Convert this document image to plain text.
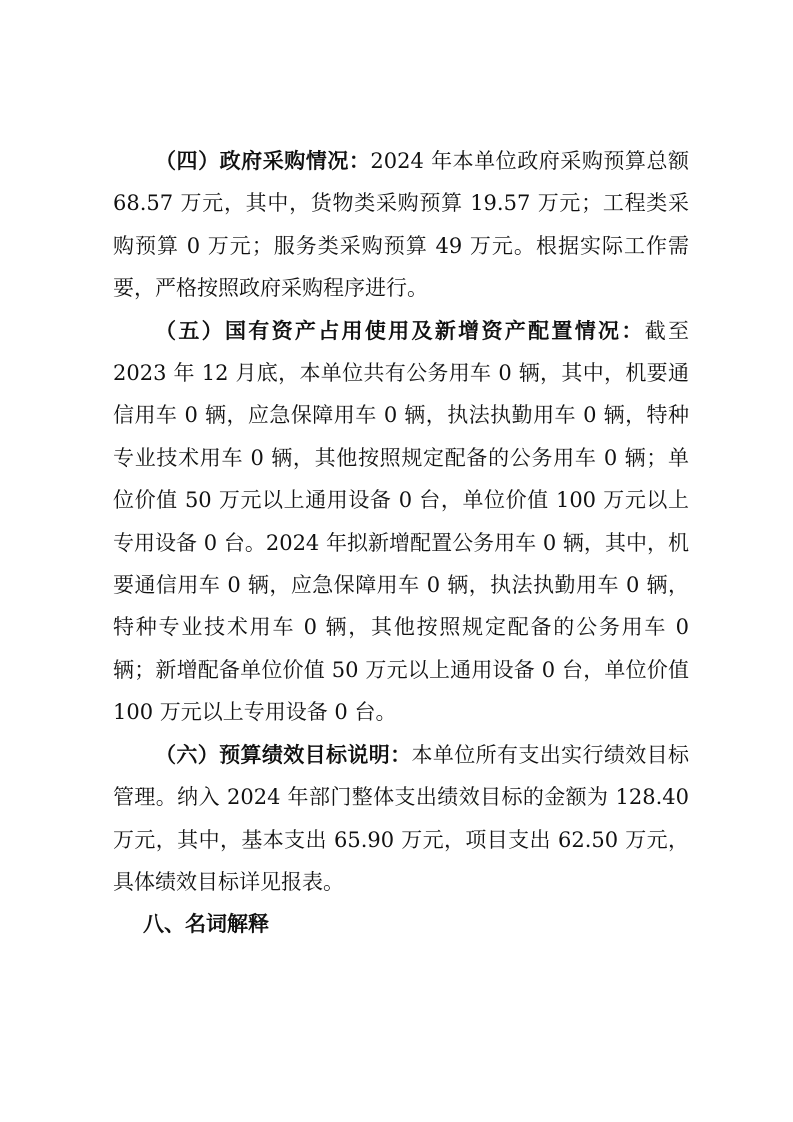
（四）政府采购情况：2024 年本单位政府采购预算总额 68.57 万元，其中，货物类采购预算 19.57 万元；工程类采购预算 0 万元；服务类采购预算 49 万元。根据实际工作需要，严格按照政府采购程序进行。

（五）国有资产占用使用及新增资产配置情况：截至 2023 年 12 月底，本单位共有公务用车 0 辆，其中，机要通信用车 0 辆，应急保障用车 0 辆，执法执勤用车 0 辆，特种专业技术用车 0 辆，其他按照规定配备的公务用车 0 辆；单位价值 50 万元以上通用设备 0 台，单位价值 100 万元以上专用设备 0 台。2024 年拟新增配置公务用车 0 辆，其中，机要通信用车 0 辆，应急保障用车 0 辆，执法执勤用车 0 辆，特种专业技术用车 0 辆，其他按照规定配备的公务用车 0 辆；新增配备单位价值 50 万元以上通用设备 0 台，单位价值 100 万元以上专用设备 0 台。

（六）预算绩效目标说明：本单位所有支出实行绩效目标管理。纳入 2024 年部门整体支出绩效目标的金额为 128.40 万元，其中，基本支出 65.90 万元，项目支出 62.50 万元，具体绩效目标详见报表。

八、名词解释
